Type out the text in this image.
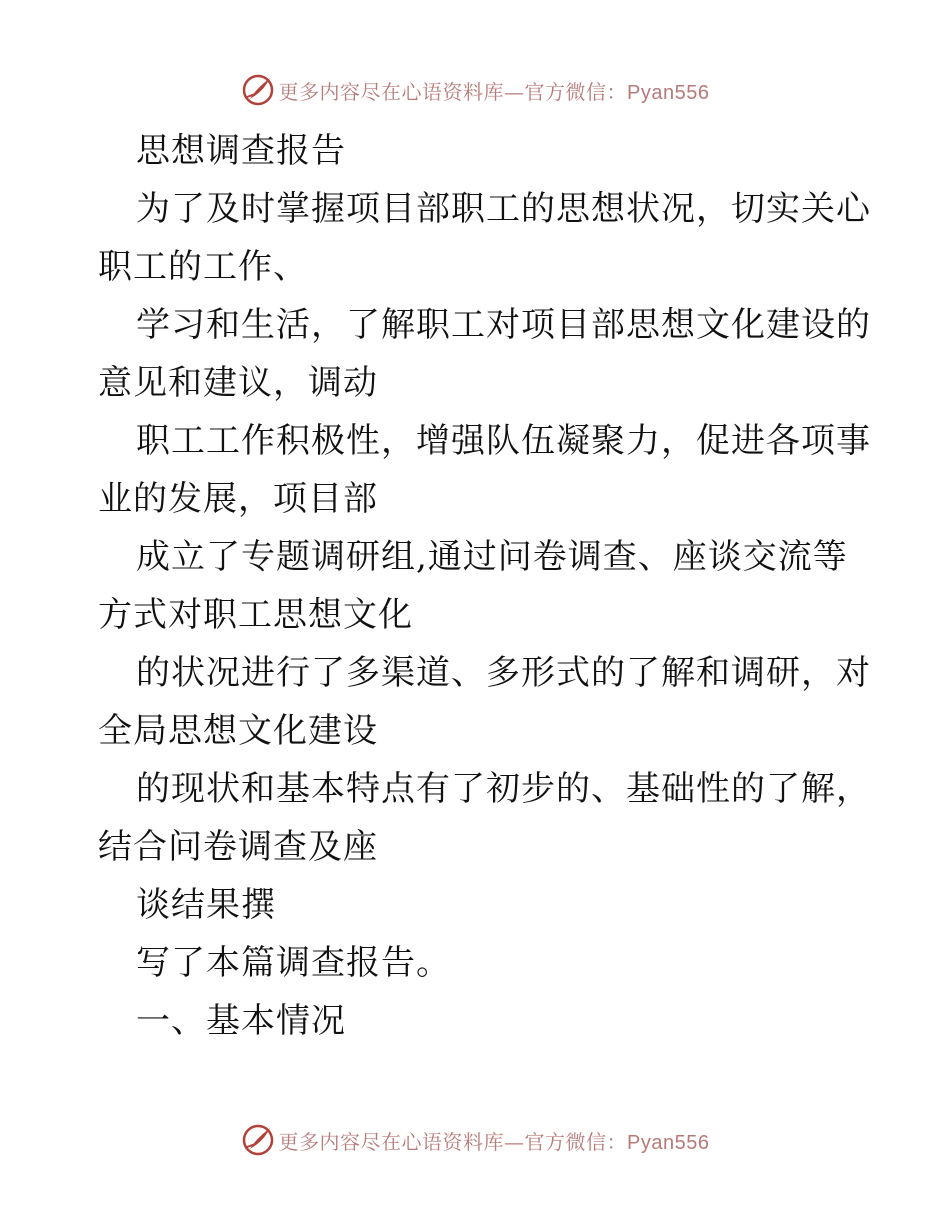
更多内容尽在心语资料库—官方微信：Pyan556
思想调查报告
为了及时掌握项目部职工的思想状况，切实关心
职工的工作、
学习和生活，了解职工对项目部思想文化建设的
意见和建议，调动
职工工作积极性，增强队伍凝聚力，促进各项事
业的发展，项目部
成立了专题调研组,通过问卷调查、座谈交流等
方式对职工思想文化
的状况进行了多渠道、多形式的了解和调研，对
全局思想文化建设
的现状和基本特点有了初步的、基础性的了解，
结合问卷调查及座
谈结果撰
写了本篇调查报告。
一、基本情况
更多内容尽在心语资料库—官方微信：Pyan556
